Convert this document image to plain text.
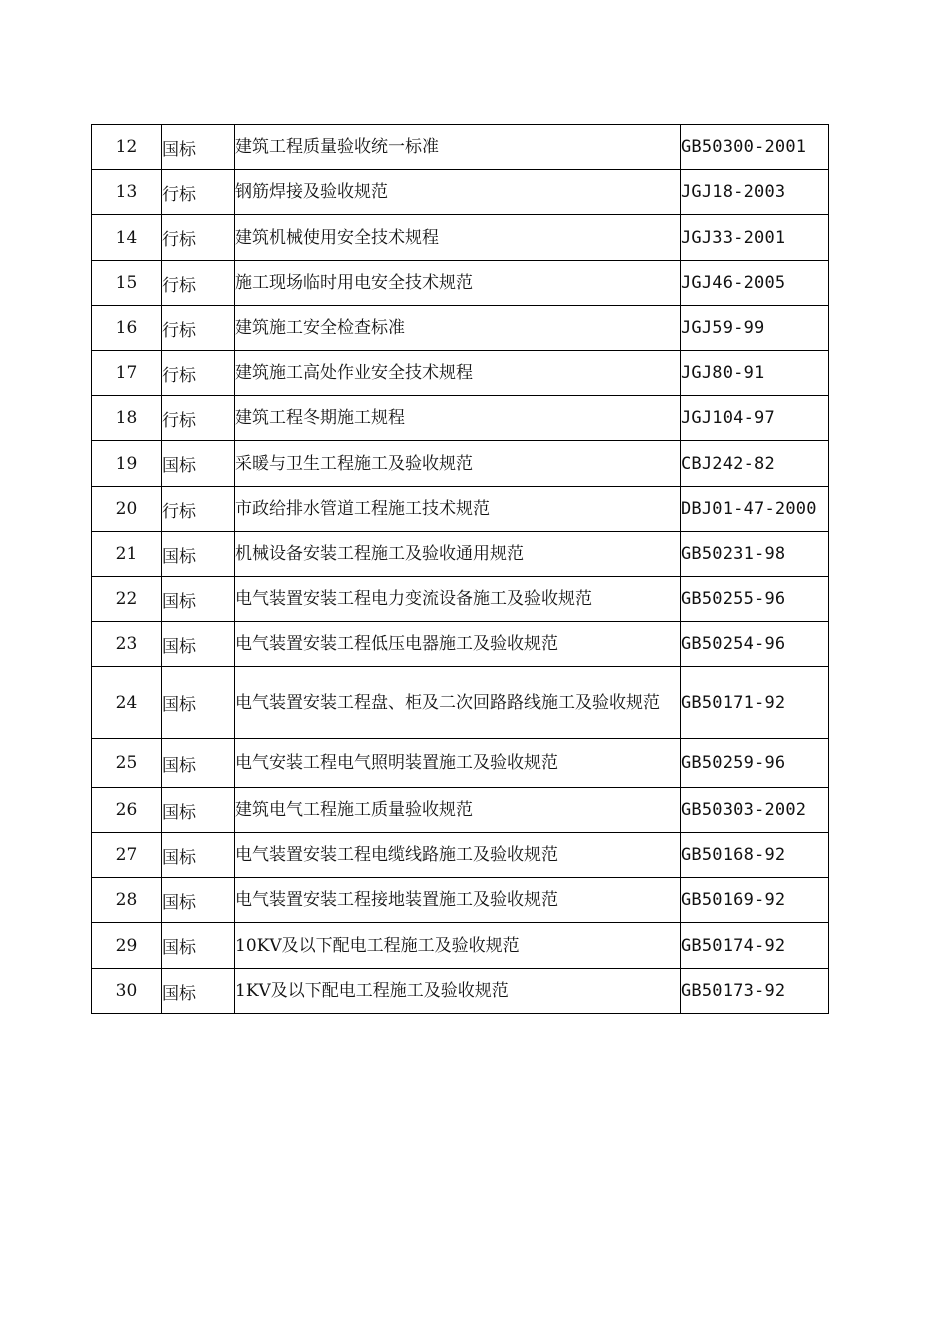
12	国标	建筑工程质量验收统一标准	GB50300-2001
13	行标	钢筋焊接及验收规范	JGJ18-2003
14	行标	建筑机械使用安全技术规程	JGJ33-2001
15	行标	施工现场临时用电安全技术规范	JGJ46-2005
16	行标	建筑施工安全检查标准	JGJ59-99
17	行标	建筑施工高处作业安全技术规程	JGJ80-91
18	行标	建筑工程冬期施工规程	JGJ104-97
19	国标	采暖与卫生工程施工及验收规范	CBJ242-82
20	行标	市政给排水管道工程施工技术规范	DBJ01-47-2000
21	国标	机械设备安装工程施工及验收通用规范	GB50231-98
22	国标	电气装置安装工程电力变流设备施工及验收规范	GB50255-96
23	国标	电气装置安装工程低压电器施工及验收规范	GB50254-96
24	国标	电气装置安装工程盘、柜及二次回路路线施工及验收规范	GB50171-92
25	国标	电气安装工程电气照明装置施工及验收规范	GB50259-96
26	国标	建筑电气工程施工质量验收规范	GB50303-2002
27	国标	电气装置安装工程电缆线路施工及验收规范	GB50168-92
28	国标	电气装置安装工程接地装置施工及验收规范	GB50169-92
29	国标	10KV及以下配电工程施工及验收规范	GB50174-92
30	国标	1KV及以下配电工程施工及验收规范	GB50173-92
